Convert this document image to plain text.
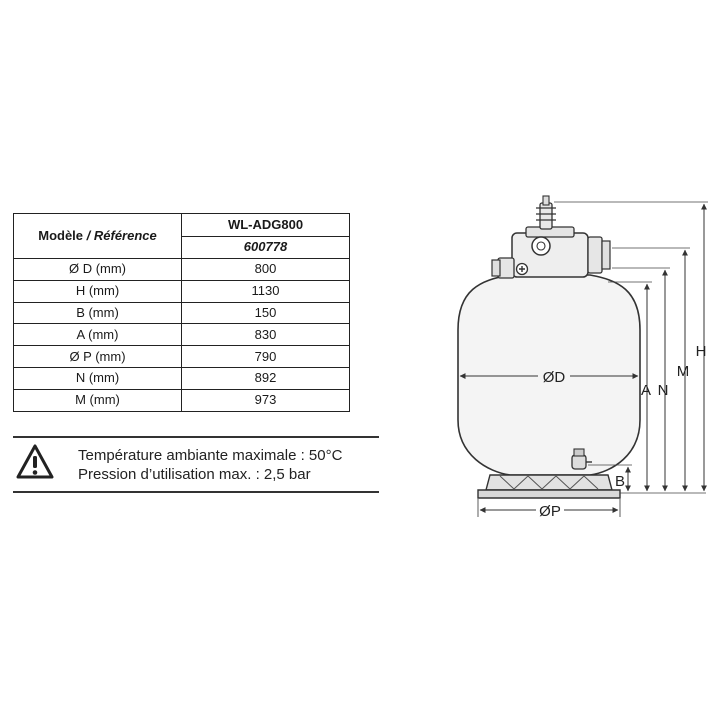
Modèle / Référence	WL-ADG800
	600778
Ø D (mm)	800
H (mm)	1130
B (mm)	150
A (mm)	830
Ø P (mm)	790
N (mm)	892
M (mm)	973
Température ambiante maximale : 50°C
Pression d’utilisation max. : 2,5 bar
ØD
ØP
B
A N
M
H
